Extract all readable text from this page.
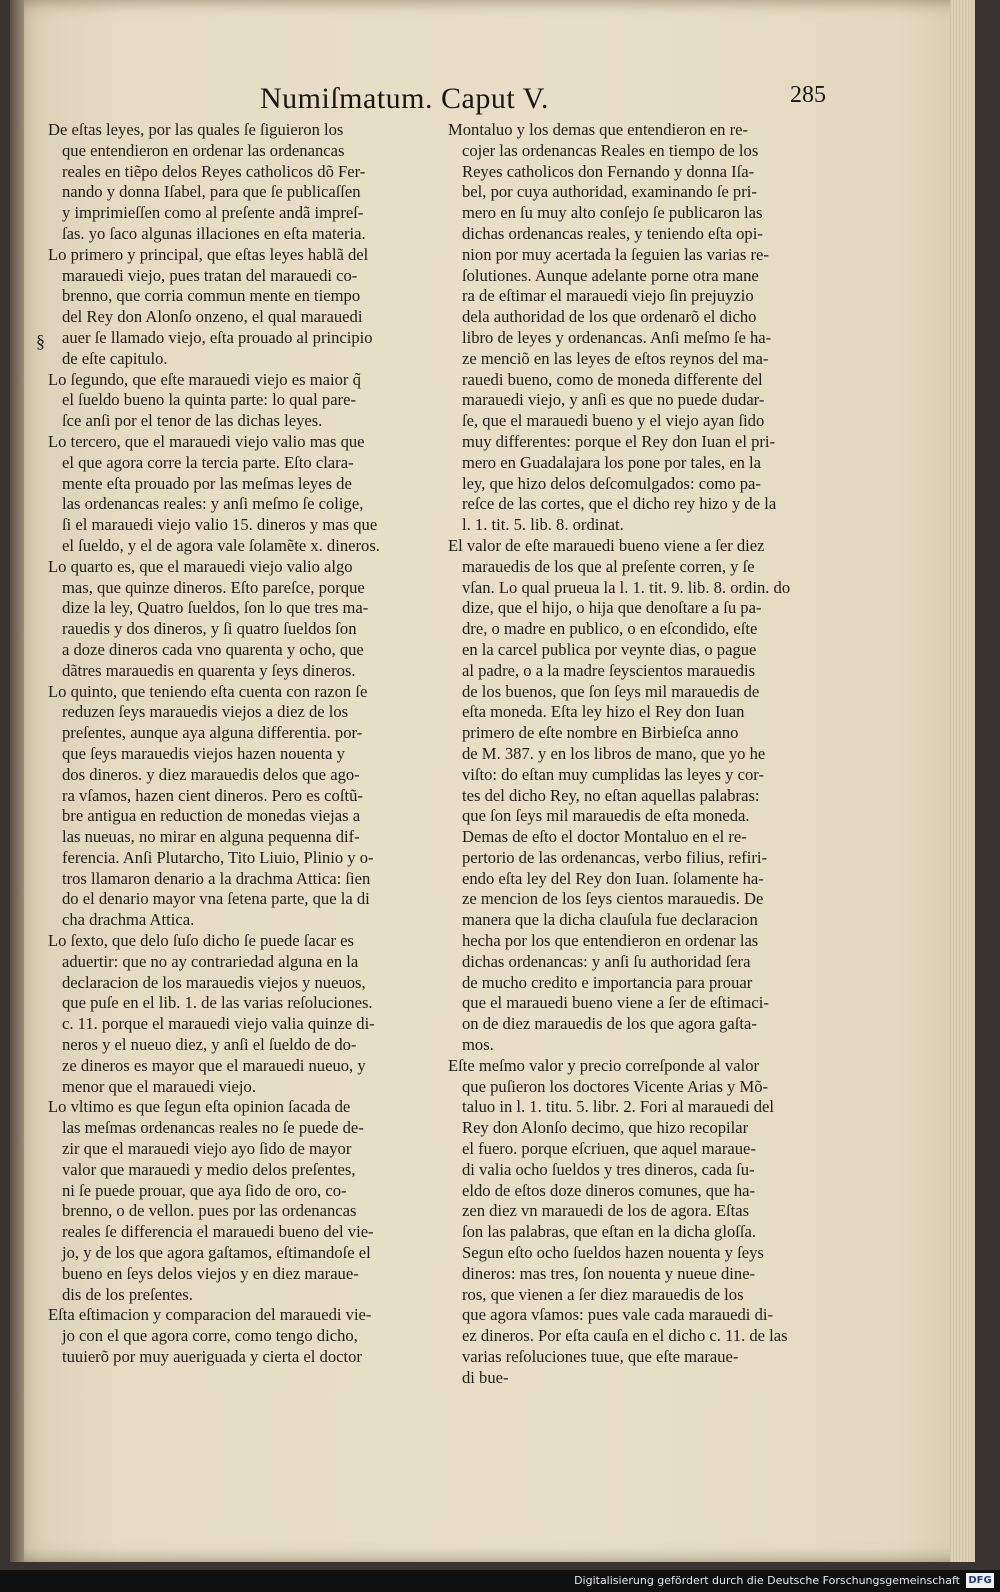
Numiſmatum. Caput V.	285
§
De eſtas leyes, por las quales ſe ſiguieron los
que entendieron en ordenar las ordenancas
reales en tiẽpo delos Reyes catholicos dõ Fer-
nando y donna Iſabel, para que ſe publicaſſen
y imprimieſſen como al preſente andã impreſ-
ſas. yo ſaco algunas illaciones en eſta materia.
Lo primero y principal, que eſtas leyes hablã del
marauedi viejo, pues tratan del marauedi co-
brenno, que corria commun mente en tiempo
del Rey don Alonſo onzeno, el qual marauedi
auer ſe llamado viejo, eſta prouado al principio
de eſte capitulo.
Lo ſegundo, que eſte marauedi viejo es maior q̃
el ſueldo bueno la quinta parte: lo qual pare-
ſce anſi por el tenor de las dichas leyes.
Lo tercero, que el marauedi viejo valio mas que
el que agora corre la tercia parte. Eſto clara-
mente eſta prouado por las meſmas leyes de
las ordenancas reales: y anſi meſmo ſe colige,
ſi el marauedi viejo valio 15. dineros y mas que
el ſueldo, y el de agora vale ſolamẽte x. dineros.
Lo quarto es, que el marauedi viejo valio algo
mas, que quinze dineros. Eſto pareſce, porque
dize la ley, Quatro ſueldos, ſon lo que tres ma-
rauedis y dos dineros, y ſi quatro ſueldos ſon
a doze dineros cada vno quarenta y ocho, que
dãtres marauedis en quarenta y ſeys dineros.
Lo quinto, que teniendo eſta cuenta con razon ſe
reduzen ſeys marauedis viejos a diez de los
preſentes, aunque aya alguna differentia. por-
que ſeys marauedis viejos hazen nouenta y
dos dineros. y diez marauedis delos que ago-
ra vſamos, hazen cient dineros. Pero es coſtũ-
bre antigua en reduction de monedas viejas a
las nueuas, no mirar en alguna pequenna dif-
ferencia. Anſi Plutarcho, Tito Liuio, Plinio y o-
tros llamaron denario a la drachma Attica: ſien
do el denario mayor vna ſetena parte, que la di
cha drachma Attica.
Lo ſexto, que delo ſuſo dicho ſe puede ſacar es
aduertir: que no ay contrariedad alguna en la
declaracion de los marauedis viejos y nueuos,
que puſe en el lib. 1. de las varias reſoluciones.
c. 11. porque el marauedi viejo valia quinze di-
neros y el nueuo diez, y anſi el ſueldo de do-
ze dineros es mayor que el marauedi nueuo, y
menor que el marauedi viejo.
Lo vltimo es que ſegun eſta opinion ſacada de
las meſmas ordenancas reales no ſe puede de-
zir que el marauedi viejo ayo ſido de mayor
valor que marauedi y medio delos preſentes,
ni ſe puede prouar, que aya ſido de oro, co-
brenno, o de vellon. pues por las ordenancas
reales ſe differencia el marauedi bueno del vie-
jo, y de los que agora gaſtamos, eſtimandoſe el
bueno en ſeys delos viejos y en diez maraue-
dis de los preſentes.
Eſta eſtimacion y comparacion del marauedi vie-
jo con el que agora corre, como tengo dicho,
tuuierõ por muy aueriguada y cierta el doctor
Montaluo y los demas que entendieron en re-
cojer las ordenancas Reales en tiempo de los
Reyes catholicos don Fernando y donna Iſa-
bel, por cuya authoridad, examinando ſe pri-
mero en ſu muy alto conſejo ſe publicaron las
dichas ordenancas reales, y teniendo eſta opi-
nion por muy acertada la ſeguien las varias re-
ſolutiones. Aunque adelante porne otra mane
ra de eſtimar el marauedi viejo ſin prejuyzio
dela authoridad de los que ordenarõ el dicho
libro de leyes y ordenancas. Anſi meſmo ſe ha-
ze menciõ en las leyes de eſtos reynos del ma-
rauedi bueno, como de moneda differente del
marauedi viejo, y anſi es que no puede dudar-
ſe, que el marauedi bueno y el viejo ayan ſido
muy differentes: porque el Rey don Iuan el pri-
mero en Guadalajara los pone por tales, en la
ley, que hizo delos deſcomulgados: como pa-
reſce de las cortes, que el dicho rey hizo y de la
l. 1. tit. 5. lib. 8. ordinat.
El valor de eſte marauedi bueno viene a ſer diez
marauedis de los que al preſente corren, y ſe
vſan. Lo qual prueua la l. 1. tit. 9. lib. 8. ordin. do
dize, que el hijo, o hija que denoſtare a ſu pa-
dre, o madre en publico, o en eſcondido, eſte
en la carcel publica por veynte dias, o pague
al padre, o a la madre ſeyscientos marauedis
de los buenos, que ſon ſeys mil marauedis de
eſta moneda. Eſta ley hizo el Rey don Iuan
primero de eſte nombre en Birbieſca anno
de M. 387. y en los libros de mano, que yo he
viſto: do eſtan muy cumplidas las leyes y cor-
tes del dicho Rey, no eſtan aquellas palabras:
que ſon ſeys mil marauedis de eſta moneda.
Demas de eſto el doctor Montaluo en el re-
pertorio de las ordenancas, verbo filius, refiri-
endo eſta ley del Rey don Iuan. ſolamente ha-
ze mencion de los ſeys cientos marauedis. De
manera que la dicha clauſula fue declaracion
hecha por los que entendieron en ordenar las
dichas ordenancas: y anſi ſu authoridad ſera
de mucho credito e importancia para prouar
que el marauedi bueno viene a ſer de eſtimaci-
on de diez marauedis de los que agora gaſta-
mos.
Eſte meſmo valor y precio correſponde al valor
que puſieron los doctores Vicente Arias y Mõ-
taluo in l. 1. titu. 5. libr. 2. Fori al marauedi del
Rey don Alonſo decimo, que hizo recopilar
el fuero. porque eſcriuen, que aquel maraue-
di valia ocho ſueldos y tres dineros, cada ſu-
eldo de eſtos doze dineros comunes, que ha-
zen diez vn marauedi de los de agora. Eſtas
ſon las palabras, que eſtan en la dicha gloſſa.
Segun eſto ocho ſueldos hazen nouenta y ſeys
dineros: mas tres, ſon nouenta y nueue dine-
ros, que vienen a ſer diez marauedis de los
que agora vſamos: pues vale cada marauedi di-
ez dineros. Por eſta cauſa en el dicho c. 11. de las
varias reſoluciones tuue, que eſte maraue-
di bue-
Digitalisierung gefördert durch die Deutsche Forschungsgemeinschaft DFG
